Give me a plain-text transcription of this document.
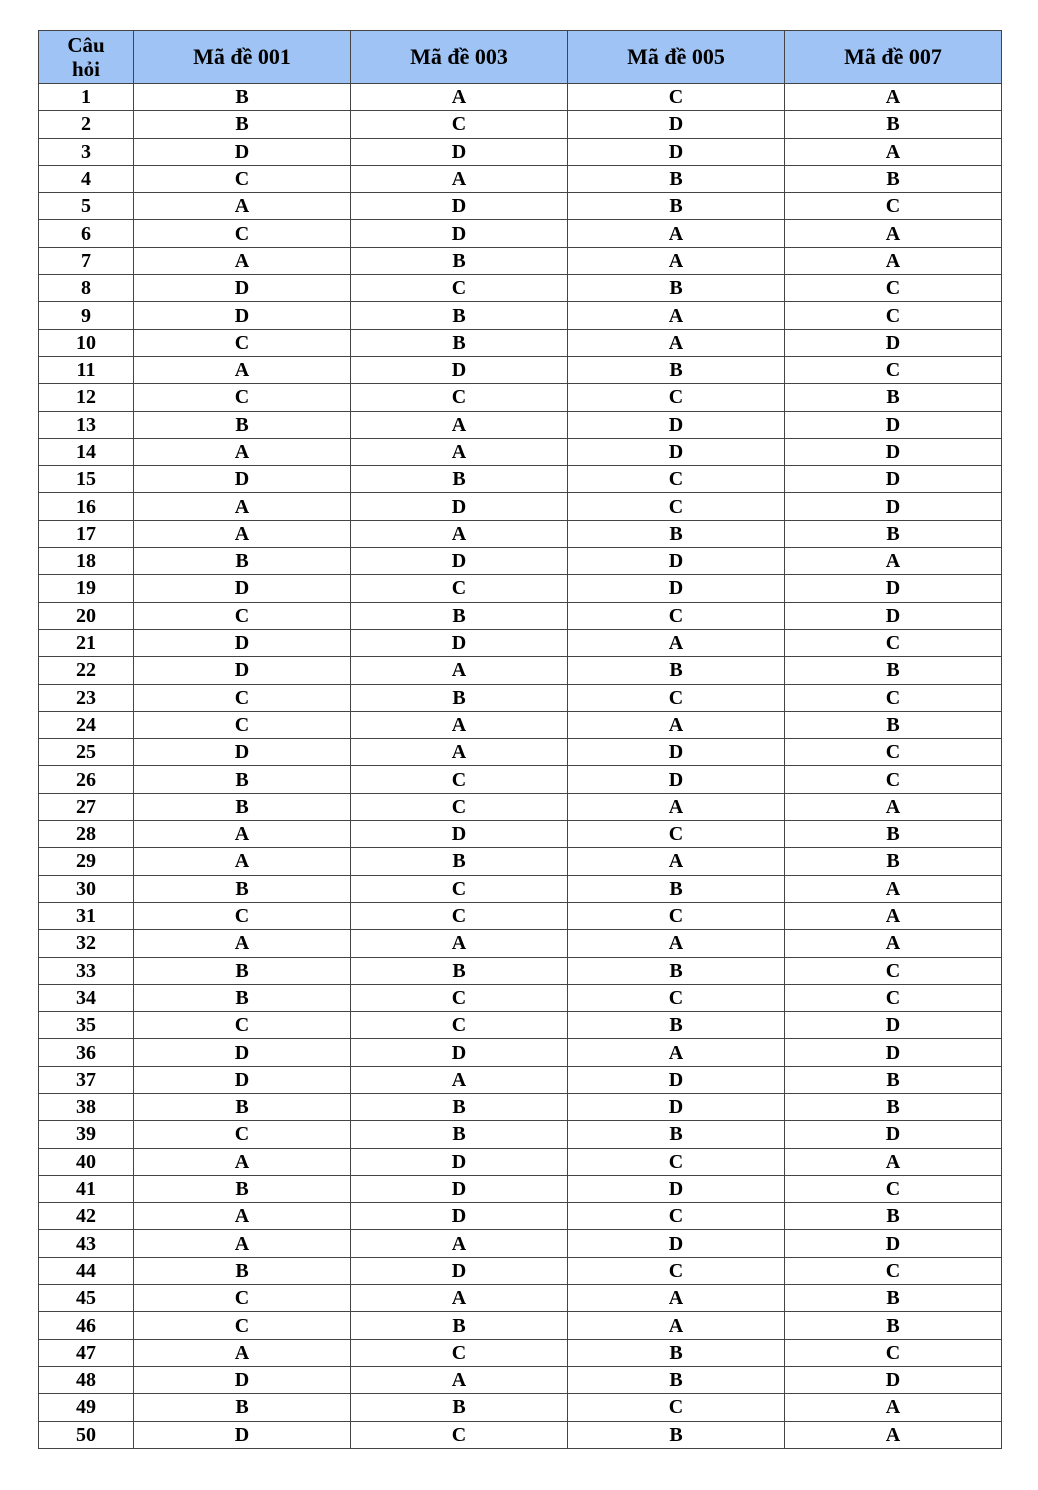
Câu
hỏi	Mã đề 001	Mã đề 003	Mã đề 005	Mã đề 007
1	B	A	C	A
2	B	C	D	B
3	D	D	D	A
4	C	A	B	B
5	A	D	B	C
6	C	D	A	A
7	A	B	A	A
8	D	C	B	C
9	D	B	A	C
10	C	B	A	D
11	A	D	B	C
12	C	C	C	B
13	B	A	D	D
14	A	A	D	D
15	D	B	C	D
16	A	D	C	D
17	A	A	B	B
18	B	D	D	A
19	D	C	D	D
20	C	B	C	D
21	D	D	A	C
22	D	A	B	B
23	C	B	C	C
24	C	A	A	B
25	D	A	D	C
26	B	C	D	C
27	B	C	A	A
28	A	D	C	B
29	A	B	A	B
30	B	C	B	A
31	C	C	C	A
32	A	A	A	A
33	B	B	B	C
34	B	C	C	C
35	C	C	B	D
36	D	D	A	D
37	D	A	D	B
38	B	B	D	B
39	C	B	B	D
40	A	D	C	A
41	B	D	D	C
42	A	D	C	B
43	A	A	D	D
44	B	D	C	C
45	C	A	A	B
46	C	B	A	B
47	A	C	B	C
48	D	A	B	D
49	B	B	C	A
50	D	C	B	A
